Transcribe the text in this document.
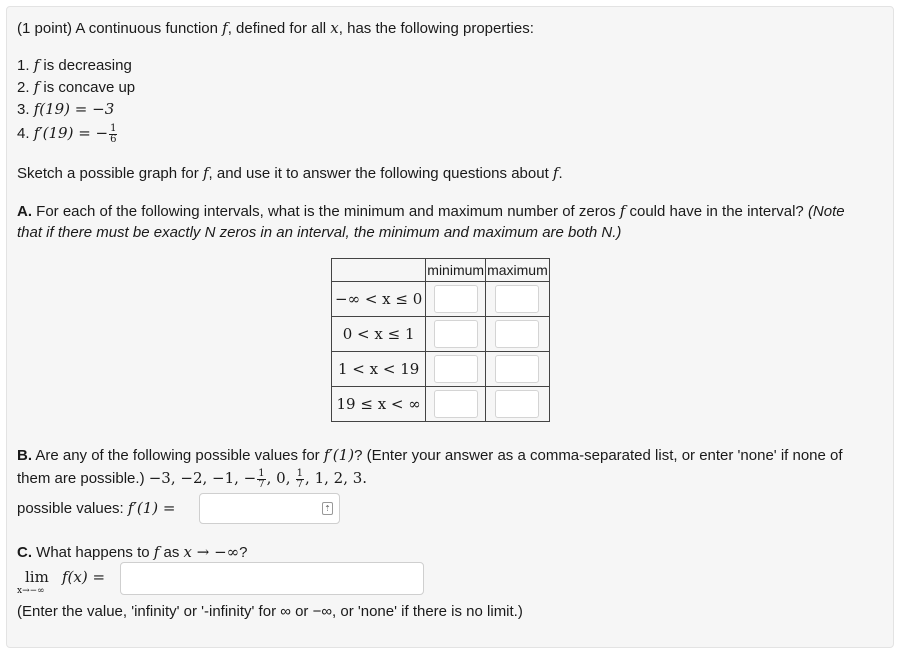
(1 point) A continuous function f, defined for all x, has the following properties:
1. f is decreasing
2. f is concave up
3. f(19) = −3
4. f′(19) = − $\frac{1}{6}$
Sketch a possible graph for f, and use it to answer the following questions about f.
A. For each of the following intervals, what is the minimum and maximum number of zeros f could have in the interval? (Note
that if there must be exactly N zeros in an interval, the minimum and maximum are both N.)
	minimum	maximum
−∞ < x ≤ 0	

0 < x ≤ 1	

1 < x < 19	

19 ≤ x < ∞	

B. Are any of the following possible values for f′(1)? (Enter your answer as a comma-separated list, or enter 'none' if none of
them are possible.) −3, −2, −1, − $\frac{1}{7}$ , 0, $\frac{1}{7}$ , 1, 2, 3.
possible values: f′(1) =	⇡
C. What happens to f as x → −∞?
lim
x→−∞
f(x) =
(Enter the value, 'infinity' or '-infinity' for ∞ or −∞, or 'none' if there is no limit.)
